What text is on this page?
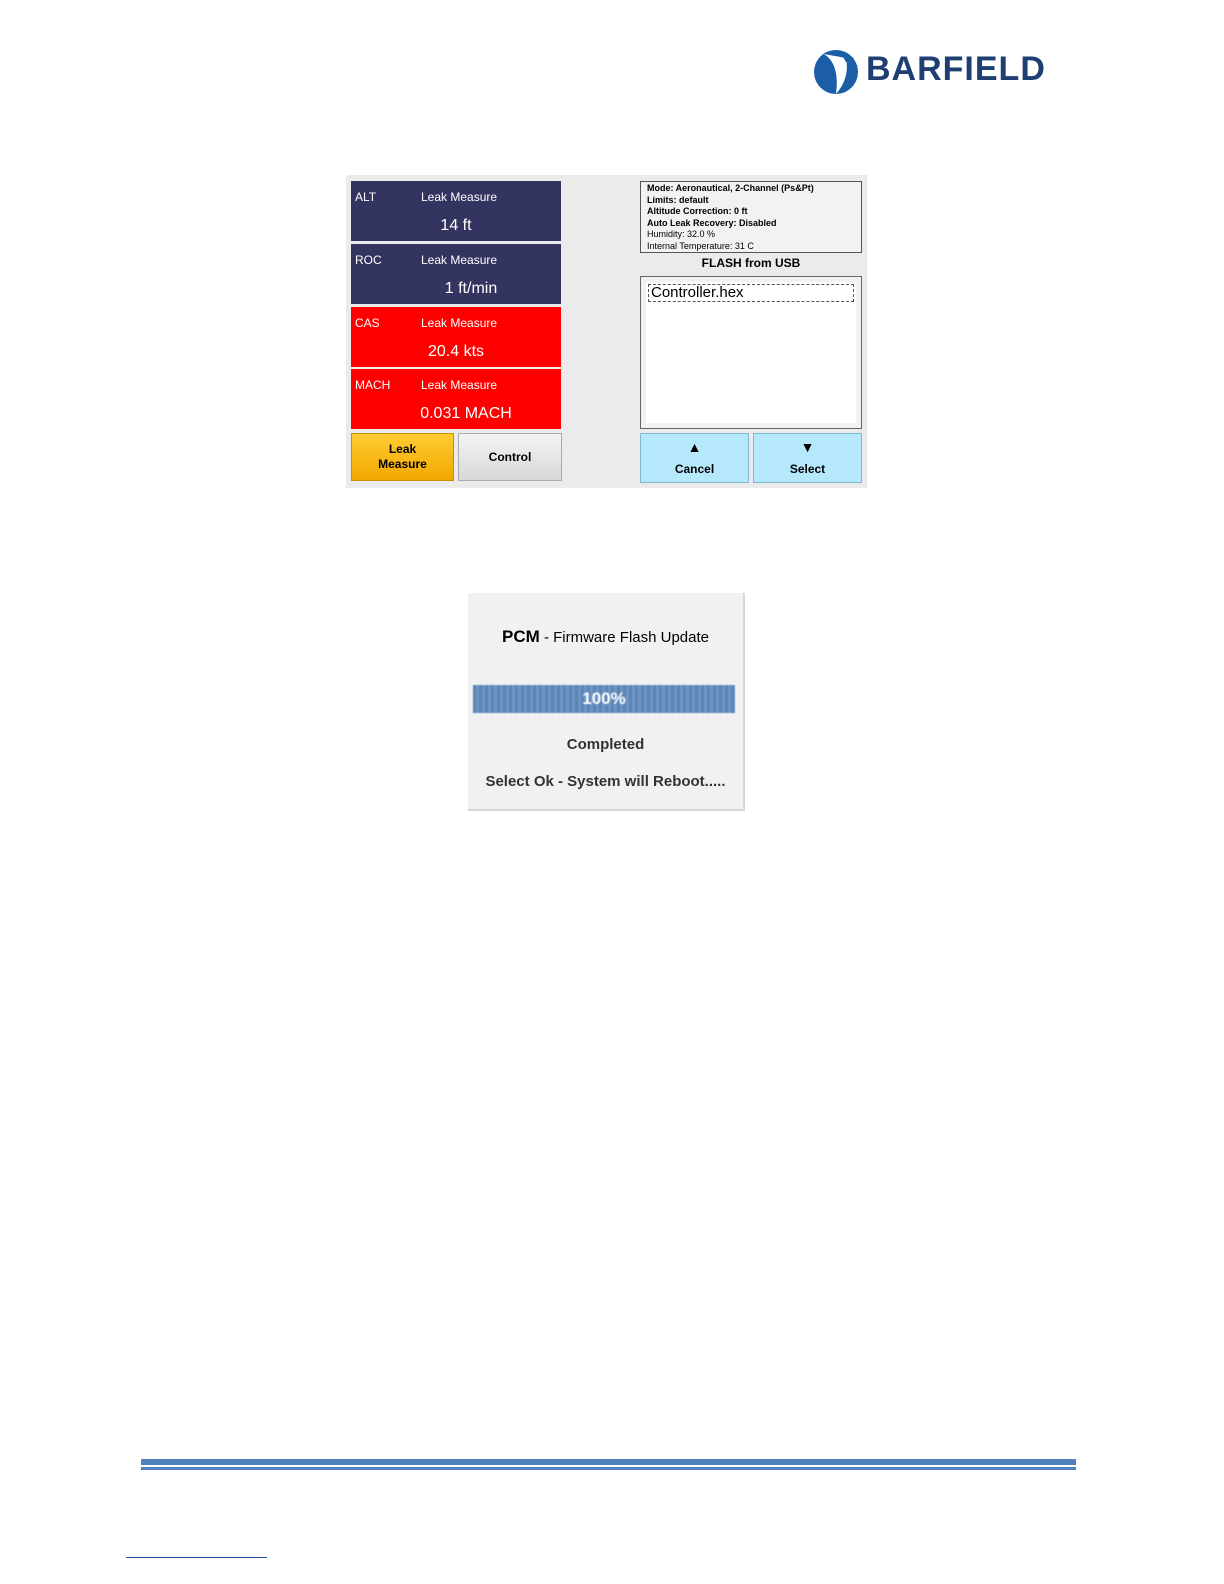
BARFIELD
ALT	Leak Measure
14 ft
ROC	Leak Measure
1 ft/min
CAS	Leak Measure
20.4 kts
MACH	Leak Measure
0.031 MACH
Leak
Measure	Control
Mode: Aeronautical, 2-Channel (Ps&Pt)
Limits: default
Altitude Correction: 0 ft
Auto Leak Recovery: Disabled
Humidity: 32.0 %
Internal Temperature: 31 C
FLASH from USB
Controller.hex
▲
Cancel
▼
Select
PCM - Firmware Flash Update
100%
Completed
Select Ok - System will Reboot.....
